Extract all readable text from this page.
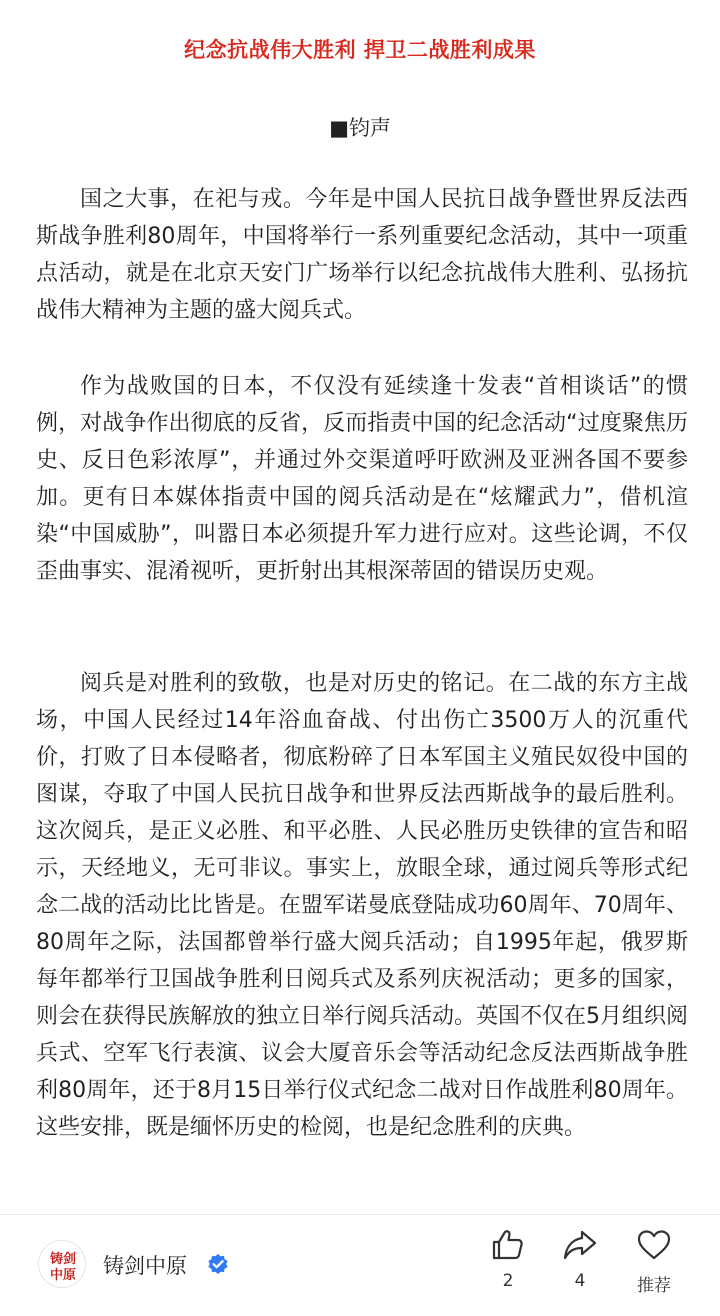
纪念抗战伟大胜利 捍卫二战胜利成果
■钧声

国之大事，在祀与戎。今年是中国人民抗日战争暨世界反法西斯战争胜利80周年，中国将举行一系列重要纪念活动，其中一项重点活动，就是在北京天安门广场举行以纪念抗战伟大胜利、弘扬抗战伟大精神为主题的盛大阅兵式。

作为战败国的日本，不仅没有延续逢十发表“首相谈话”的惯例，对战争作出彻底的反省，反而指责中国的纪念活动“过度聚焦历史、反日色彩浓厚”，并通过外交渠道呼吁欧洲及亚洲各国不要参加。更有日本媒体指责中国的阅兵活动是在“炫耀武力”，借机渲染“中国威胁”，叫嚣日本必须提升军力进行应对。这些论调，不仅歪曲事实、混淆视听，更折射出其根深蒂固的错误历史观。

阅兵是对胜利的致敬，也是对历史的铭记。在二战的东方主战场，中国人民经过14年浴血奋战、付出伤亡3500万人的沉重代价，打败了日本侵略者，彻底粉碎了日本军国主义殖民奴役中国的图谋，夺取了中国人民抗日战争和世界反法西斯战争的最后胜利。这次阅兵，是正义必胜、和平必胜、人民必胜历史铁律的宣告和昭示，天经地义，无可非议。事实上，放眼全球，通过阅兵等形式纪念二战的活动比比皆是。在盟军诺曼底登陆成功60周年、70周年、80周年之际，法国都曾举行盛大阅兵活动；自1995年起，俄罗斯每年都举行卫国战争胜利日阅兵式及系列庆祝活动；更多的国家，则会在获得民族解放的独立日举行阅兵活动。英国不仅在5月组织阅兵式、空军飞行表演、议会大厦音乐会等活动纪念反法西斯战争胜利80周年，还于8月15日举行仪式纪念二战对日作战胜利80周年。这些安排，既是缅怀历史的检阅，也是纪念胜利的庆典。

铸剑
中原 铸剑中原
2	4	推荐
